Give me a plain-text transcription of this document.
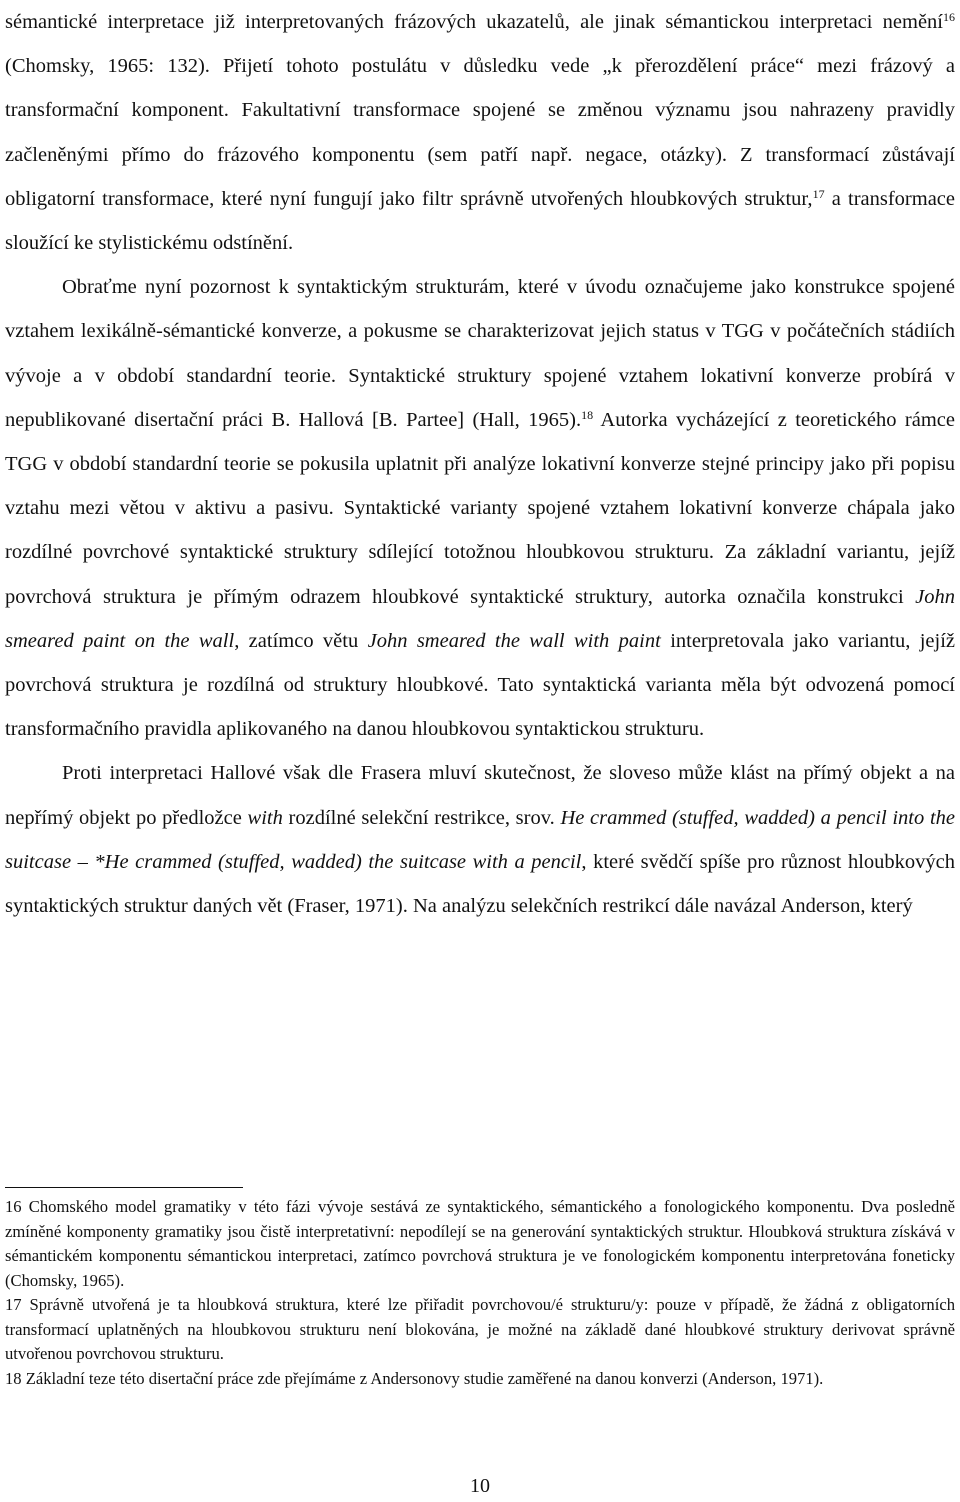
sémantické interpretace již interpretovaných frázových ukazatelů, ale jinak sémantickou interpretaci nemění$^{16}$ (Chomsky, 1965: 132). Přijetí tohoto postulátu v důsledku vede „k přerozdělení práce“ mezi frázový a transformační komponent. Fakultativní transformace spojené se změnou významu jsou nahrazeny pravidly začleněnými přímo do frázového komponentu (sem patří např. negace, otázky). Z transformací zůstávají obligatorní transformace, které nyní fungují jako filtr správně utvořených hloubkových struktur,$^{17}$ a transformace sloužící ke stylistickému odstínění.

Obraťme nyní pozornost k syntaktickým strukturám, které v úvodu označujeme jako konstrukce spojené vztahem lexikálně-sémantické konverze, a pokusme se charakterizovat jejich status v TGG v počátečních stádiích vývoje a v období standardní teorie. Syntaktické struktury spojené vztahem lokativní konverze probírá v nepublikované disertační práci B. Hallová [B. Partee] (Hall, 1965).$^{18}$ Autorka vycházející z teoretického rámce TGG v období standardní teorie se pokusila uplatnit při analýze lokativní konverze stejné principy jako při popisu vztahu mezi větou v aktivu a pasivu. Syntaktické varianty spojené vztahem lokativní konverze chápala jako rozdílné povrchové syntaktické struktury sdílející totožnou hloubkovou strukturu. Za základní variantu, jejíž povrchová struktura je přímým odrazem hloubkové syntaktické struktury, autorka označila konstrukci John smeared paint on the wall, zatímco větu John smeared the wall with paint interpretovala jako variantu, jejíž povrchová struktura je rozdílná od struktury hloubkové. Tato syntaktická varianta měla být odvozená pomocí transformačního pravidla aplikovaného na danou hloubkovou syntaktickou strukturu.

Proti interpretaci Hallové však dle Frasera mluví skutečnost, že sloveso může klást na přímý objekt a na nepřímý objekt po předložce with rozdílné selekční restrikce, srov. He crammed (stuffed, wadded) a pencil into the suitcase – *He crammed (stuffed, wadded) the suitcase with a pencil, které svědčí spíše pro různost hloubkových syntaktických struktur daných vět (Fraser, 1971). Na analýzu selekčních restrikcí dále navázal Anderson, který

16 Chomského model gramatiky v této fázi vývoje sestává ze syntaktického, sémantického a fonologického komponentu. Dva posledně zmíněné komponenty gramatiky jsou čistě interpretativní: nepodílejí se na generování syntaktických struktur. Hloubková struktura získává v sémantickém komponentu sémantickou interpretaci, zatímco povrchová struktura je ve fonologickém komponentu interpretována foneticky (Chomsky, 1965).

17 Správně utvořená je ta hloubková struktura, které lze přiřadit povrchovou/é strukturu/y: pouze v případě, že žádná z obligatorních transformací uplatněných na hloubkovou strukturu není blokována, je možné na základě dané hloubkové struktury derivovat správně utvořenou povrchovou strukturu.

18 Základní teze této disertační práce zde přejímáme z Andersonovy studie zaměřené na danou konverzi (Anderson, 1971).

10
